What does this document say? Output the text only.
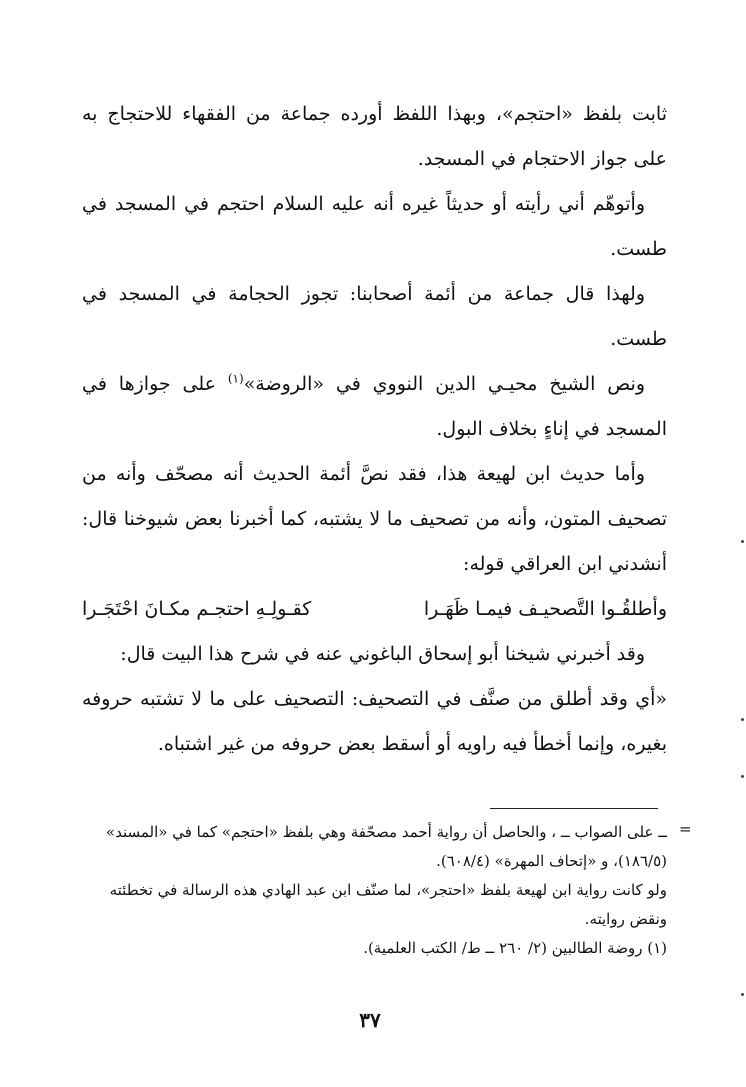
ثابت بلفظ «احتجم»، وبهذا اللفظ أورده جماعة من الفقهاء للاحتجاج به على جواز الاحتجام في المسجد.

وأتوهّم أني رأيته أو حديثاً غيره أنه عليه السلام احتجم في المسجد في طست.

ولهذا قال جماعة من أئمة أصحابنا: تجوز الحجامة في المسجد في طست.

ونص الشيخ محيـي الدين النووي في «الروضة»$^{(١)}$ على جوازها في المسجد في إناءٍ بخلاف البول.

وأما حديث ابن لهيعة هذا، فقد نصَّ أئمة الحديث أنه مصحّف وأنه من تصحيف المتون، وأنه من تصحيف ما لا يشتبه، كما أخبرنا بعض شيوخنا قال: أنشدني ابن العراقي قوله:

وأطلقُـوا التَّصحيـف فيمـا ظَهَـرا
كقـولِـهِ احتجـم مكـانَ احْتَجَـرا

وقد أخبرني شيخنا أبو إسحاق الباغوني عنه في شرح هذا البيت قال:

«أي وقد أطلق من صنَّف في التصحيف: التصحيف على ما لا تشتبه حروفه بغيره، وإنما أخطأ فيه راويه أو أسقط بعض حروفه من غير اشتباه.

=

ــ على الصواب ــ ، والحاصل أن رواية أحمد مصحّفة وهي بلفظ «احتجم» كما في «المسند» (١٨٦/٥)، و «إتحاف المهرة» (٦٠٨/٤).

ولو كانت رواية ابن لهيعة بلفظ «احتجر»، لما صنّف ابن عبد الهادي هذه الرسالة في تخطئته ونقض روايته.

(١) روضة الطالبين (٢/ ٢٦٠ ــ ط/ الكتب العلمية).

٣٧
